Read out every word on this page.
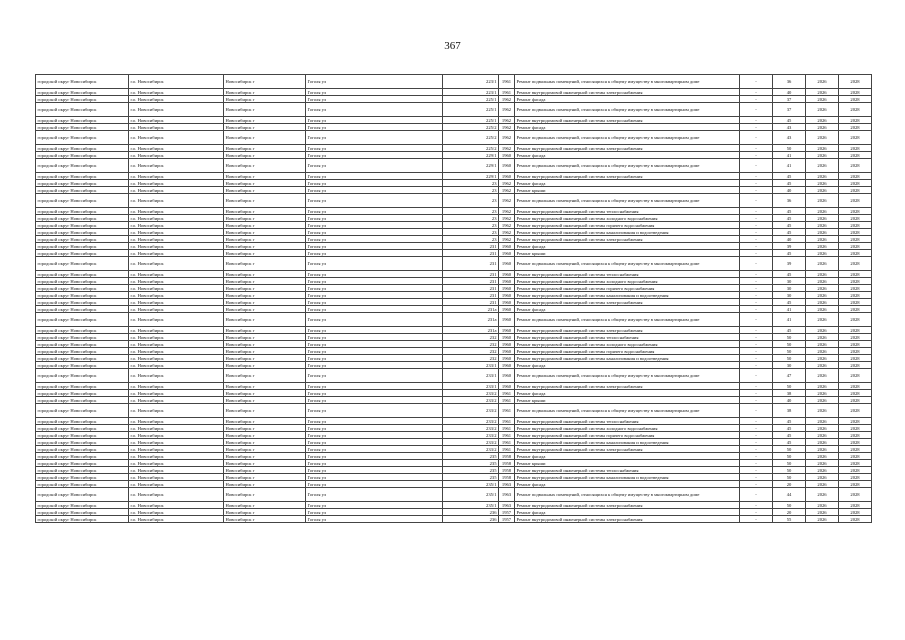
367
городской округ Новосибирск	г.о. Новосибирск	Новосибирск г	Гоголя ул	223/1	1961	Ремонт подвальных помещений, относящихся к общему имуществу в многоквартирном доме	-	36	2026	2028
городской округ Новосибирск	г.о. Новосибирск	Новосибирск г	Гоголя ул	223/1	1961	Ремонт внутридомовой инженерной системы электроснабжения	-	40	2026	2028
городской округ Новосибирск	г.о. Новосибирск	Новосибирск г	Гоголя ул	225/1	1962	Ремонт фасада	-	37	2026	2028
городской округ Новосибирск	г.о. Новосибирск	Новосибирск г	Гоголя ул	225/1	1962	Ремонт подвальных помещений, относящихся к общему имуществу в многоквартирном доме	-	37	2026	2028
городской округ Новосибирск	г.о. Новосибирск	Новосибирск г	Гоголя ул	225/1	1962	Ремонт внутридомовой инженерной системы электроснабжения	-	45	2026	2028
городской округ Новосибирск	г.о. Новосибирск	Новосибирск г	Гоголя ул	225/2	1962	Ремонт фасада	-	43	2026	2028
городской округ Новосибирск	г.о. Новосибирск	Новосибирск г	Гоголя ул	225/2	1962	Ремонт подвальных помещений, относящихся к общему имуществу в многоквартирном доме	-	43	2026	2028
городской округ Новосибирск	г.о. Новосибирск	Новосибирск г	Гоголя ул	225/2	1962	Ремонт внутридомовой инженерной системы электроснабжения	-	50	2026	2028
городской округ Новосибирск	г.о. Новосибирск	Новосибирск г	Гоголя ул	229/1	1960	Ремонт фасада	-	41	2026	2028
городской округ Новосибирск	г.о. Новосибирск	Новосибирск г	Гоголя ул	229/1	1960	Ремонт подвальных помещений, относящихся к общему имуществу в многоквартирном доме	-	41	2026	2028
городской округ Новосибирск	г.о. Новосибирск	Новосибирск г	Гоголя ул	229/1	1960	Ремонт внутридомовой инженерной системы электроснабжения	-	45	2026	2028
городской округ Новосибирск	г.о. Новосибирск	Новосибирск г	Гоголя ул	23	1962	Ремонт фасада	-	45	2026	2028
городской округ Новосибирск	г.о. Новосибирск	Новосибирск г	Гоголя ул	23	1962	Ремонт крыши	-	40	2026	2028
городской округ Новосибирск	г.о. Новосибирск	Новосибирск г	Гоголя ул	23	1962	Ремонт подвальных помещений, относящихся к общему имуществу в многоквартирном доме	-	36	2026	2028
городской округ Новосибирск	г.о. Новосибирск	Новосибирск г	Гоголя ул	23	1962	Ремонт внутридомовой инженерной системы теплоснабжения	-	45	2026	2028
городской округ Новосибирск	г.о. Новосибирск	Новосибирск г	Гоголя ул	23	1962	Ремонт внутридомовой инженерной системы холодного водоснабжения	-	45	2026	2028
городской округ Новосибирск	г.о. Новосибирск	Новосибирск г	Гоголя ул	23	1962	Ремонт внутридомовой инженерной системы горячего водоснабжения	-	45	2026	2028
городской округ Новосибирск	г.о. Новосибирск	Новосибирск г	Гоголя ул	23	1962	Ремонт внутридомовой инженерной системы канализования и водоотведения	-	45	2026	2028
городской округ Новосибирск	г.о. Новосибирск	Новосибирск г	Гоголя ул	23	1962	Ремонт внутридомовой инженерной системы электроснабжения	-	40	2026	2028
городской округ Новосибирск	г.о. Новосибирск	Новосибирск г	Гоголя ул	231	1960	Ремонт фасада	-	39	2026	2028
городской округ Новосибирск	г.о. Новосибирск	Новосибирск г	Гоголя ул	231	1960	Ремонт крыши	-	45	2026	2028
городской округ Новосибирск	г.о. Новосибирск	Новосибирск г	Гоголя ул	231	1960	Ремонт подвальных помещений, относящихся к общему имуществу в многоквартирном доме	-	39	2026	2028
городской округ Новосибирск	г.о. Новосибирск	Новосибирск г	Гоголя ул	231	1960	Ремонт внутридомовой инженерной системы теплоснабжения	-	45	2026	2028
городской округ Новосибирск	г.о. Новосибирск	Новосибирск г	Гоголя ул	231	1960	Ремонт внутридомовой инженерной системы холодного водоснабжения	-	30	2026	2028
городской округ Новосибирск	г.о. Новосибирск	Новосибирск г	Гоголя ул	231	1960	Ремонт внутридомовой инженерной системы горячего водоснабжения	-	30	2026	2028
городской округ Новосибирск	г.о. Новосибирск	Новосибирск г	Гоголя ул	231	1960	Ремонт внутридомовой инженерной системы канализования и водоотведения	-	30	2026	2028
городской округ Новосибирск	г.о. Новосибирск	Новосибирск г	Гоголя ул	231	1960	Ремонт внутридомовой инженерной системы электроснабжения	-	45	2026	2028
городской округ Новосибирск	г.о. Новосибирск	Новосибирск г	Гоголя ул	231a	1960	Ремонт фасада	-	41	2026	2028
городской округ Новосибирск	г.о. Новосибирск	Новосибирск г	Гоголя ул	231a	1960	Ремонт подвальных помещений, относящихся к общему имуществу в многоквартирном доме	-	41	2026	2028
городской округ Новосибирск	г.о. Новосибирск	Новосибирск г	Гоголя ул	231a	1960	Ремонт внутридомовой инженерной системы электроснабжения	-	45	2026	2028
городской округ Новосибирск	г.о. Новосибирск	Новосибирск г	Гоголя ул	232	1960	Ремонт внутридомовой инженерной системы теплоснабжения	-	50	2026	2028
городской округ Новосибирск	г.о. Новосибирск	Новосибирск г	Гоголя ул	232	1960	Ремонт внутридомовой инженерной системы холодного водоснабжения	-	50	2026	2028
городской округ Новосибирск	г.о. Новосибирск	Новосибирск г	Гоголя ул	232	1960	Ремонт внутридомовой инженерной системы горячего водоснабжения	-	50	2026	2028
городской округ Новосибирск	г.о. Новосибирск	Новосибирск г	Гоголя ул	232	1960	Ремонт внутридомовой инженерной системы канализования и водоотведения	-	50	2026	2028
городской округ Новосибирск	г.о. Новосибирск	Новосибирск г	Гоголя ул	233/1	1960	Ремонт фасада	-	30	2026	2028
городской округ Новосибирск	г.о. Новосибирск	Новосибирск г	Гоголя ул	233/1	1960	Ремонт подвальных помещений, относящихся к общему имуществу в многоквартирном доме	-	47	2026	2028
городской округ Новосибирск	г.о. Новосибирск	Новосибирск г	Гоголя ул	233/1	1960	Ремонт внутридомовой инженерной системы электроснабжения	-	50	2026	2028
городской округ Новосибирск	г.о. Новосибирск	Новосибирск г	Гоголя ул	233/2	1961	Ремонт фасада	-	38	2026	2028
городской округ Новосибирск	г.о. Новосибирск	Новосибирск г	Гоголя ул	233/2	1961	Ремонт крыши	-	40	2026	2028
городской округ Новосибирск	г.о. Новосибирск	Новосибирск г	Гоголя ул	233/2	1961	Ремонт подвальных помещений, относящихся к общему имуществу в многоквартирном доме	-	38	2026	2028
городской округ Новосибирск	г.о. Новосибирск	Новосибирск г	Гоголя ул	233/2	1961	Ремонт внутридомовой инженерной системы теплоснабжения	-	45	2026	2028
городской округ Новосибирск	г.о. Новосибирск	Новосибирск г	Гоголя ул	233/2	1961	Ремонт внутридомовой инженерной системы холодного водоснабжения	-	45	2026	2028
городской округ Новосибирск	г.о. Новосибирск	Новосибирск г	Гоголя ул	233/2	1961	Ремонт внутридомовой инженерной системы горячего водоснабжения	-	45	2026	2028
городской округ Новосибирск	г.о. Новосибирск	Новосибирск г	Гоголя ул	233/2	1961	Ремонт внутридомовой инженерной системы канализования и водоотведения	-	45	2026	2028
городской округ Новосибирск	г.о. Новосибирск	Новосибирск г	Гоголя ул	233/2	1961	Ремонт внутридомовой инженерной системы электроснабжения	-	50	2026	2028
городской округ Новосибирск	г.о. Новосибирск	Новосибирск г	Гоголя ул	235	1958	Ремонт фасада	-	50	2026	2028
городской округ Новосибирск	г.о. Новосибирск	Новосибирск г	Гоголя ул	235	1958	Ремонт крыши	-	50	2026	2028
городской округ Новосибирск	г.о. Новосибирск	Новосибирск г	Гоголя ул	235	1958	Ремонт внутридомовой инженерной системы теплоснабжения	-	50	2026	2028
городской округ Новосибирск	г.о. Новосибирск	Новосибирск г	Гоголя ул	235	1958	Ремонт внутридомовой инженерной системы канализования и водоотведения	-	50	2026	2028
городской округ Новосибирск	г.о. Новосибирск	Новосибирск г	Гоголя ул	235/1	1963	Ремонт фасада	-	20	2026	2028
городской округ Новосибирск	г.о. Новосибирск	Новосибирск г	Гоголя ул	235/1	1963	Ремонт подвальных помещений, относящихся к общему имуществу в многоквартирном доме	-	44	2026	2028
городской округ Новосибирск	г.о. Новосибирск	Новосибирск г	Гоголя ул	235/1	1963	Ремонт внутридомовой инженерной системы электроснабжения	-	50	2026	2028
городской округ Новосибирск	г.о. Новосибирск	Новосибирск г	Гоголя ул	236	1957	Ремонт фасада	-	20	2026	2028
городской округ Новосибирск	г.о. Новосибирск	Новосибирск г	Гоголя ул	236	1957	Ремонт внутридомовой инженерной системы электроснабжения	-	55	2026	2028
